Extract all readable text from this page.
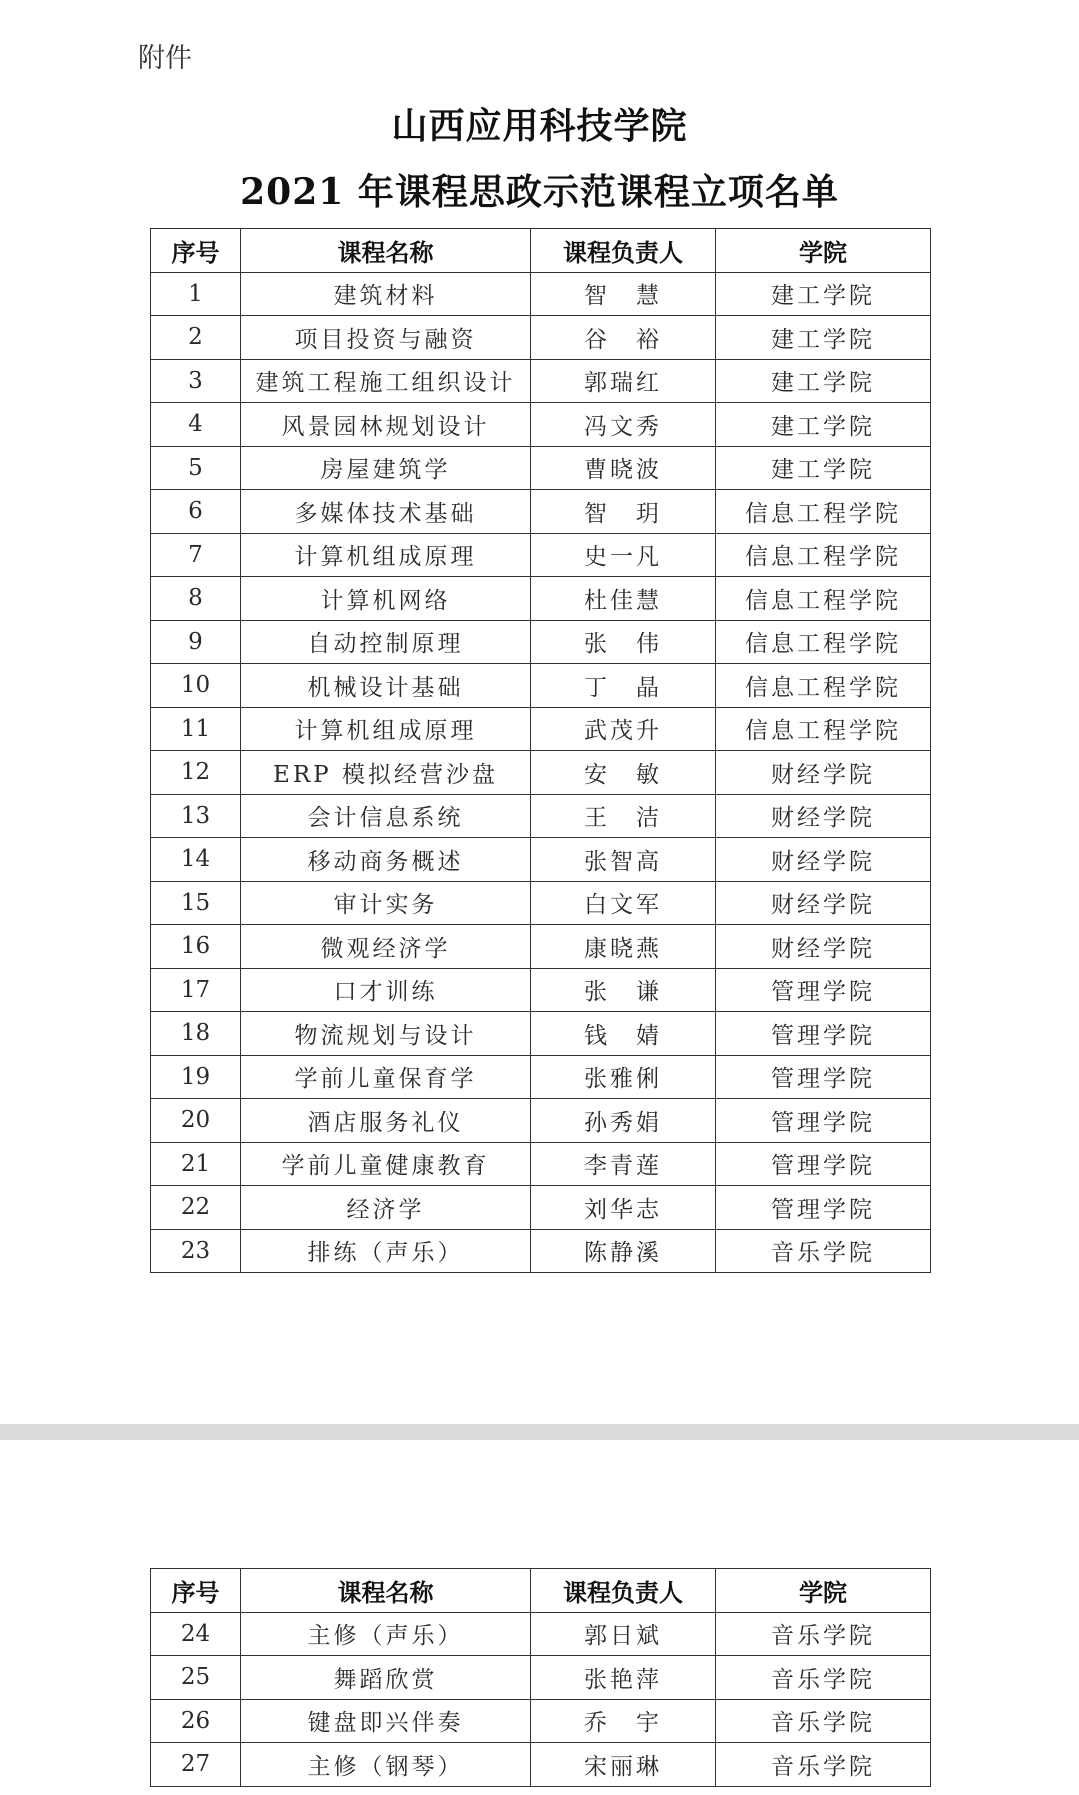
附件
山西应用科技学院
2021 年课程思政示范课程立项名单
序号	课程名称	课程负责人	学院
1	建筑材料	智　慧	建工学院
2	项目投资与融资	谷　裕	建工学院
3	建筑工程施工组织设计	郭瑞红	建工学院
4	风景园林规划设计	冯文秀	建工学院
5	房屋建筑学	曹晓波	建工学院
6	多媒体技术基础	智　玥	信息工程学院
7	计算机组成原理	史一凡	信息工程学院
8	计算机网络	杜佳慧	信息工程学院
9	自动控制原理	张　伟	信息工程学院
10	机械设计基础	丁　晶	信息工程学院
11	计算机组成原理	武茂升	信息工程学院
12	ERP 模拟经营沙盘	安　敏	财经学院
13	会计信息系统	王　洁	财经学院
14	移动商务概述	张智高	财经学院
15	审计实务	白文军	财经学院
16	微观经济学	康晓燕	财经学院
17	口才训练	张　谦	管理学院
18	物流规划与设计	钱　婧	管理学院
19	学前儿童保育学	张雅俐	管理学院
20	酒店服务礼仪	孙秀娟	管理学院
21	学前儿童健康教育	李青莲	管理学院
22	经济学	刘华志	管理学院
23	排练（声乐）	陈静溪	音乐学院
序号	课程名称	课程负责人	学院
24	主修（声乐）	郭日斌	音乐学院
25	舞蹈欣赏	张艳萍	音乐学院
26	键盘即兴伴奏	乔　宇	音乐学院
27	主修（钢琴）	宋丽琳	音乐学院
